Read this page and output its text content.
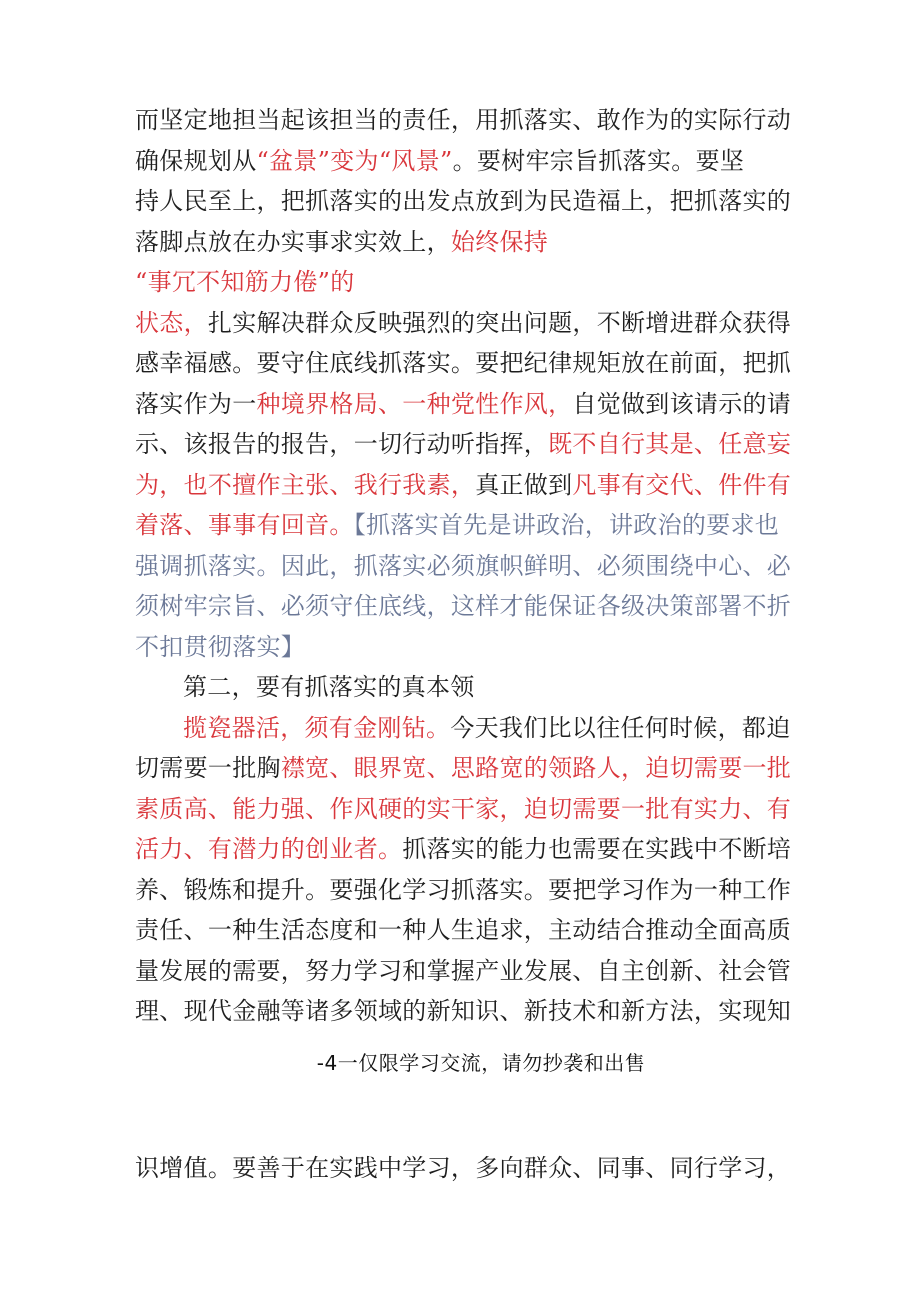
而坚定地担当起该担当的责任，用抓落实、敢作为的实际行动
确保规划从“盆景”变为“风景”。要树牢宗旨抓落实。要坚
持人民至上，把抓落实的出发点放到为民造福上，把抓落实的
落脚点放在办实事求实效上，始终保持
“事冗不知筋力倦”的
状态，扎实解决群众反映强烈的突出问题，不断增进群众获得
感幸福感。要守住底线抓落实。要把纪律规矩放在前面，把抓
落实作为一种境界格局、一种党性作风，自觉做到该请示的请
示、该报告的报告，一切行动听指挥，既不自行其是、任意妄
为，也不擅作主张、我行我素，真正做到凡事有交代、件件有
着落、事事有回音。【抓落实首先是讲政治，讲政治的要求也
强调抓落实。因此，抓落实必须旗帜鲜明、必须围绕中心、必
须树牢宗旨、必须守住底线，这样才能保证各级决策部署不折
不扣贯彻落实】
第二，要有抓落实的真本领
揽瓷器活，须有金刚钻。今天我们比以往任何时候，都迫
切需要一批胸襟宽、眼界宽、思路宽的领路人，迫切需要一批
素质高、能力强、作风硬的实干家，迫切需要一批有实力、有
活力、有潜力的创业者。抓落实的能力也需要在实践中不断培
养、锻炼和提升。要强化学习抓落实。要把学习作为一种工作
责任、一种生活态度和一种人生追求，主动结合推动全面高质
量发展的需要，努力学习和掌握产业发展、自主创新、社会管
理、现代金融等诸多领域的新知识、新技术和新方法，实现知
-4一仅限学习交流，请勿抄袭和出售
识增值。要善于在实践中学习，多向群众、同事、同行学习，
